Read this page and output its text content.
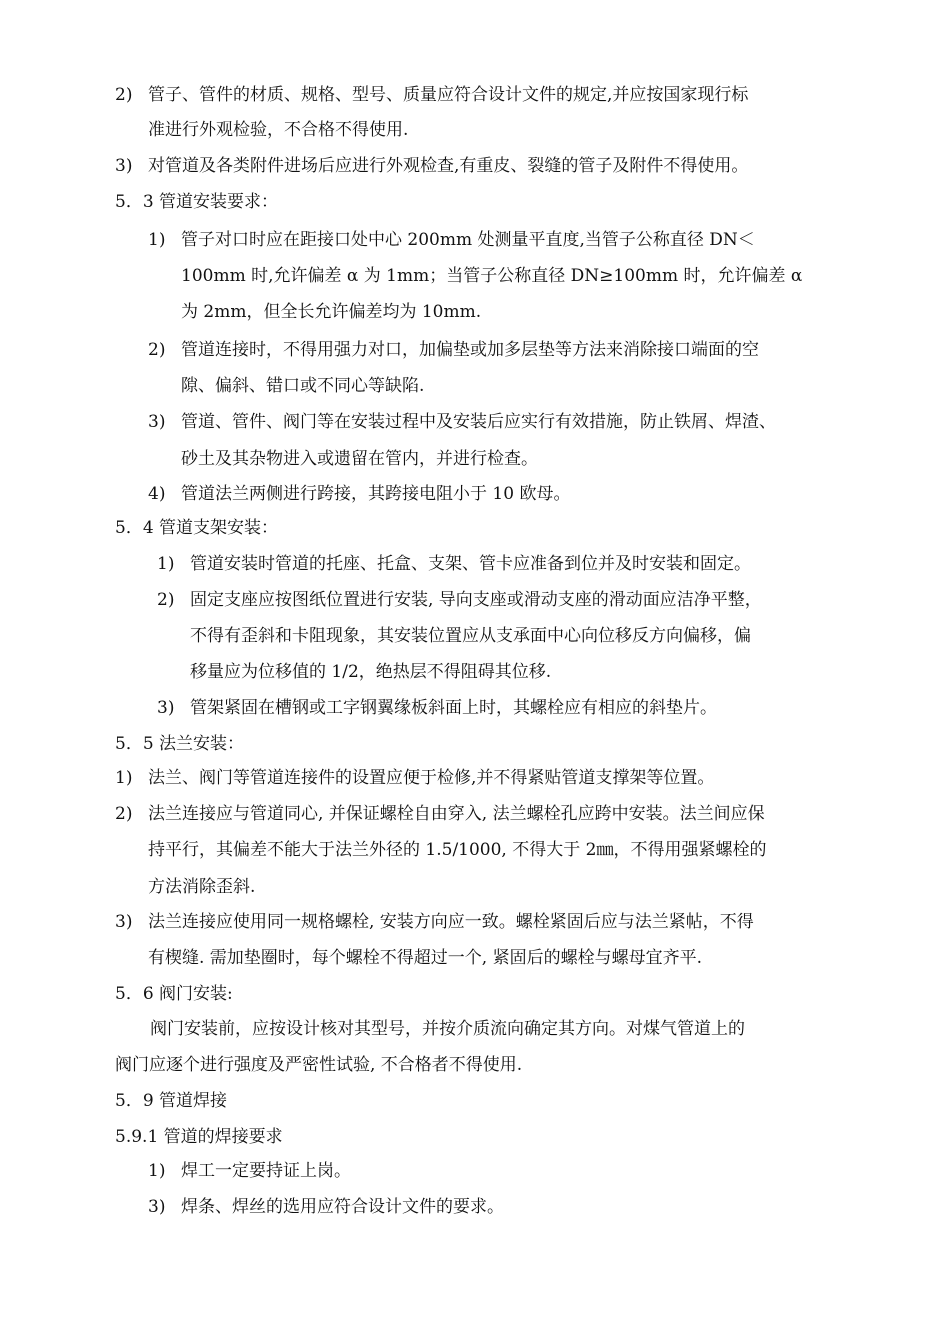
2) 管子、管件的材质、规格、型号、质量应符合设计文件的规定,并应按国家现行标
准进行外观检验，不合格不得使用.
3) 对管道及各类附件进场后应进行外观检查,有重皮、裂缝的管子及附件不得使用。
5．3 管道安装要求：
1) 管子对口时应在距接口处中心 200mm 处测量平直度,当管子公称直径 DN＜
100mm 时,允许偏差 α 为 1mm；当管子公称直径 DN≥100mm 时，允许偏差 α
为 2mm，但全长允许偏差均为 10mm.
2) 管道连接时，不得用强力对口，加偏垫或加多层垫等方法来消除接口端面的空
隙、偏斜、错口或不同心等缺陷.
3) 管道、管件、阀门等在安装过程中及安装后应实行有效措施，防止铁屑、焊渣、
砂土及其杂物进入或遗留在管内，并进行检查。
4) 管道法兰两侧进行跨接，其跨接电阻小于 10 欧母。
5．4 管道支架安装：
1) 管道安装时管道的托座、托盒、支架、管卡应准备到位并及时安装和固定。
2) 固定支座应按图纸位置进行安装, 导向支座或滑动支座的滑动面应洁净平整，
不得有歪斜和卡阻现象，其安装位置应从支承面中心向位移反方向偏移，偏
移量应为位移值的 1/2，绝热层不得阻碍其位移.
3) 管架紧固在槽钢或工字钢翼缘板斜面上时，其螺栓应有相应的斜垫片。
5．5 法兰安装：
1) 法兰、阀门等管道连接件的设置应便于检修,并不得紧贴管道支撑架等位置。
2) 法兰连接应与管道同心, 并保证螺栓自由穿入, 法兰螺栓孔应跨中安装。法兰间应保
持平行，其偏差不能大于法兰外径的 1.5/1000, 不得大于 2㎜，不得用强紧螺栓的
方法消除歪斜.
3) 法兰连接应使用同一规格螺栓, 安装方向应一致。螺栓紧固后应与法兰紧帖，不得
有楔缝. 需加垫圈时，每个螺栓不得超过一个, 紧固后的螺栓与螺母宜齐平.
5．6 阀门安装:
阀门安装前，应按设计核对其型号，并按介质流向确定其方向。对煤气管道上的
阀门应逐个进行强度及严密性试验, 不合格者不得使用.
5．9 管道焊接
5.9.1 管道的焊接要求
1) 焊工一定要持证上岗。
3) 焊条、焊丝的选用应符合设计文件的要求。
